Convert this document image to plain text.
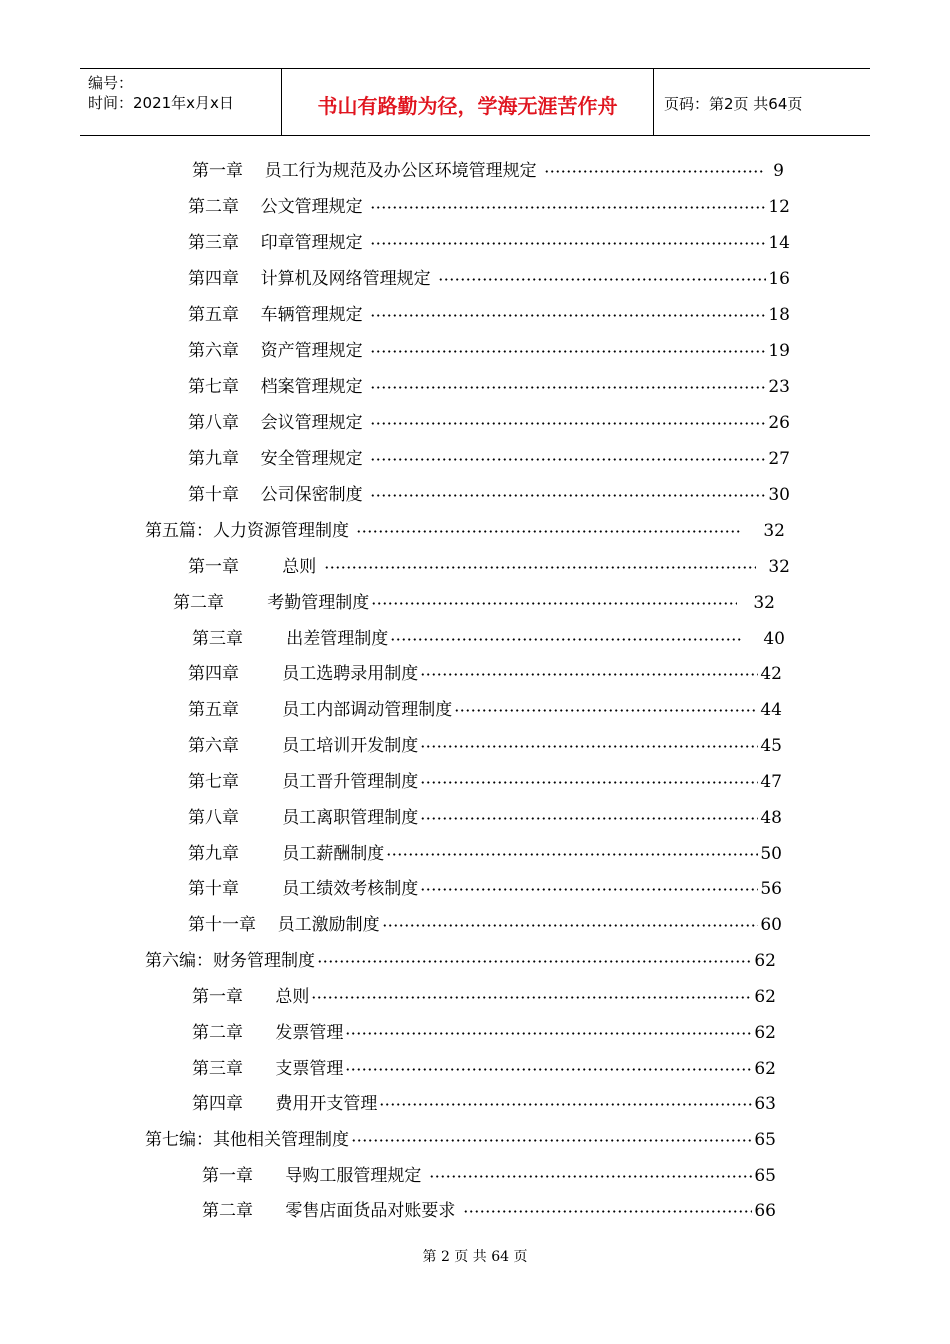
编号：
时间：2021年x月x日	书山有路勤为径，学海无涯苦作舟	页码：第2页 共64页
第一章    员工行为规范及办公区环境管理规定	9
第二章    公文管理规定	12
第三章    印章管理规定	14
第四章    计算机及网络管理规定	16
第五章    车辆管理规定	18
第六章    资产管理规定	19
第七章    档案管理规定	23
第八章    会议管理规定	26
第九章    安全管理规定	27
第十章    公司保密制度	30
第五篇：人力资源管理制度	32
第一章        总则	32
第二章        考勤管理制度	32
第三章        出差管理制度	40
第四章        员工选聘录用制度	42
第五章        员工内部调动管理制度	44
第六章        员工培训开发制度	45
第七章        员工晋升管理制度	47
第八章        员工离职管理制度	48
第九章        员工薪酬制度	50
第十章        员工绩效考核制度	56
第十一章    员工激励制度	60
第六编：财务管理制度	62
第一章      总则	62
第二章      发票管理	62
第三章      支票管理	62
第四章      费用开支管理	63
第七编：其他相关管理制度	65
第一章      导购工服管理规定	65
第二章      零售店面货品对账要求	66
第 2 页 共 64 页
